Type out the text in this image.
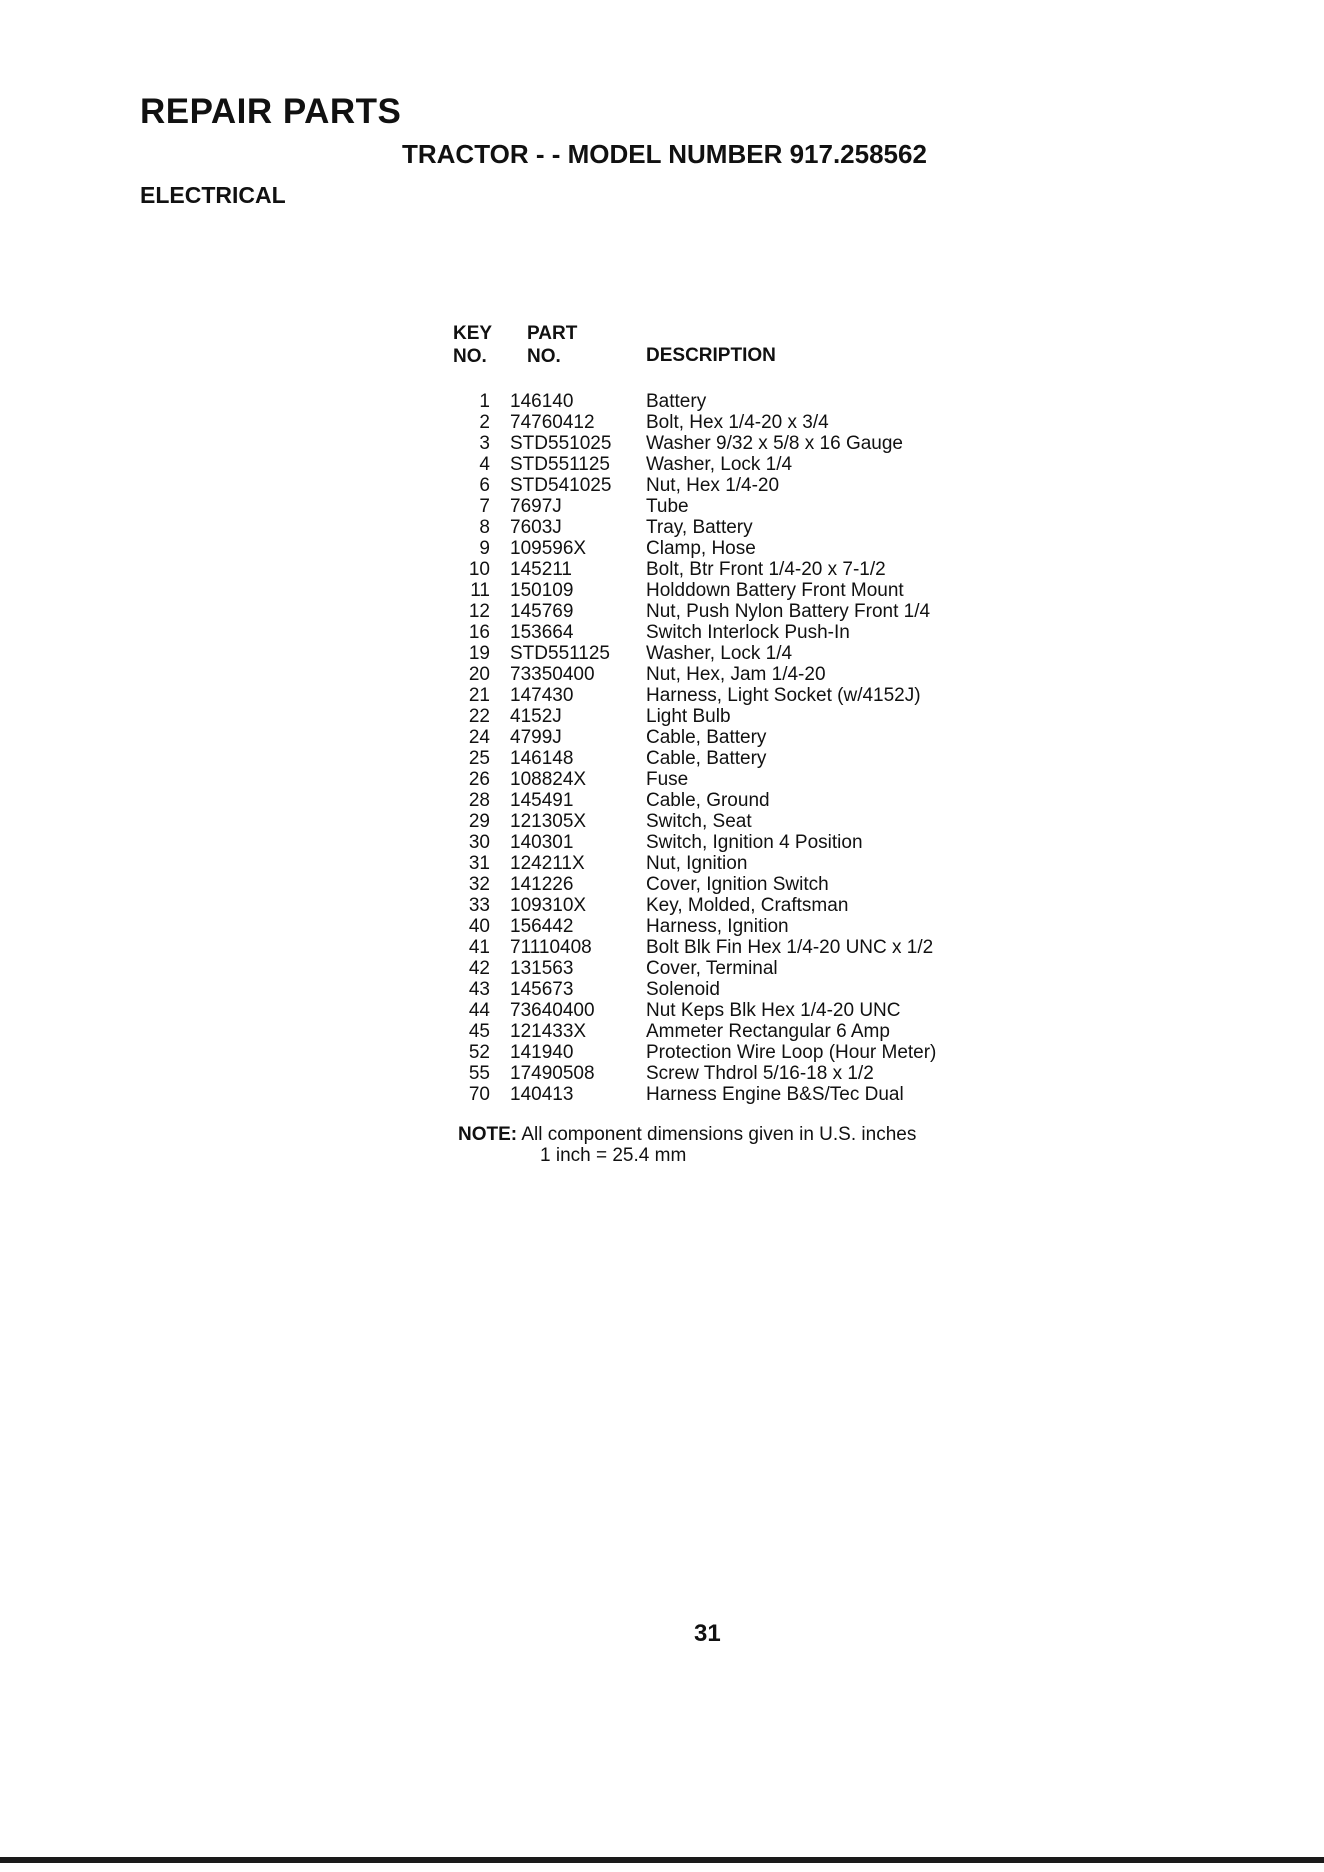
REPAIR PARTS
TRACTOR - - MODEL NUMBER 917.258562
ELECTRICAL
KEY
NO.
PART
NO.	DESCRIPTION
1	146140	Battery
2	74760412	Bolt, Hex 1/4-20 x 3/4
3	STD551025	Washer 9/32 x 5/8 x 16 Gauge
4	STD551125	Washer, Lock 1/4
6	STD541025	Nut, Hex 1/4-20
7	7697J	Tube
8	7603J	Tray, Battery
9	109596X	Clamp, Hose
10	145211	Bolt, Btr Front 1/4-20 x 7-1/2
11	150109	Holddown Battery Front Mount
12	145769	Nut, Push Nylon Battery Front 1/4
16	153664	Switch Interlock Push-In
19	STD551125	Washer, Lock 1/4
20	73350400	Nut, Hex, Jam 1/4-20
21	147430	Harness, Light Socket (w/4152J)
22	4152J	Light Bulb
24	4799J	Cable, Battery
25	146148	Cable, Battery
26	108824X	Fuse
28	145491	Cable, Ground
29	121305X	Switch, Seat
30	140301	Switch, Ignition 4 Position
31	124211X	Nut, Ignition
32	141226	Cover, Ignition Switch
33	109310X	Key, Molded, Craftsman
40	156442	Harness, Ignition
41	71110408	Bolt Blk Fin Hex 1/4-20 UNC x 1/2
42	131563	Cover, Terminal
43	145673	Solenoid
44	73640400	Nut Keps Blk Hex 1/4-20 UNC
45	121433X	Ammeter Rectangular 6 Amp
52	141940	Protection Wire Loop (Hour Meter)
55	17490508	Screw Thdrol 5/16-18 x 1/2
70	140413	Harness Engine B&S/Tec Dual
NOTE: All component dimensions given in U.S. inches
1 inch = 25.4 mm
31
